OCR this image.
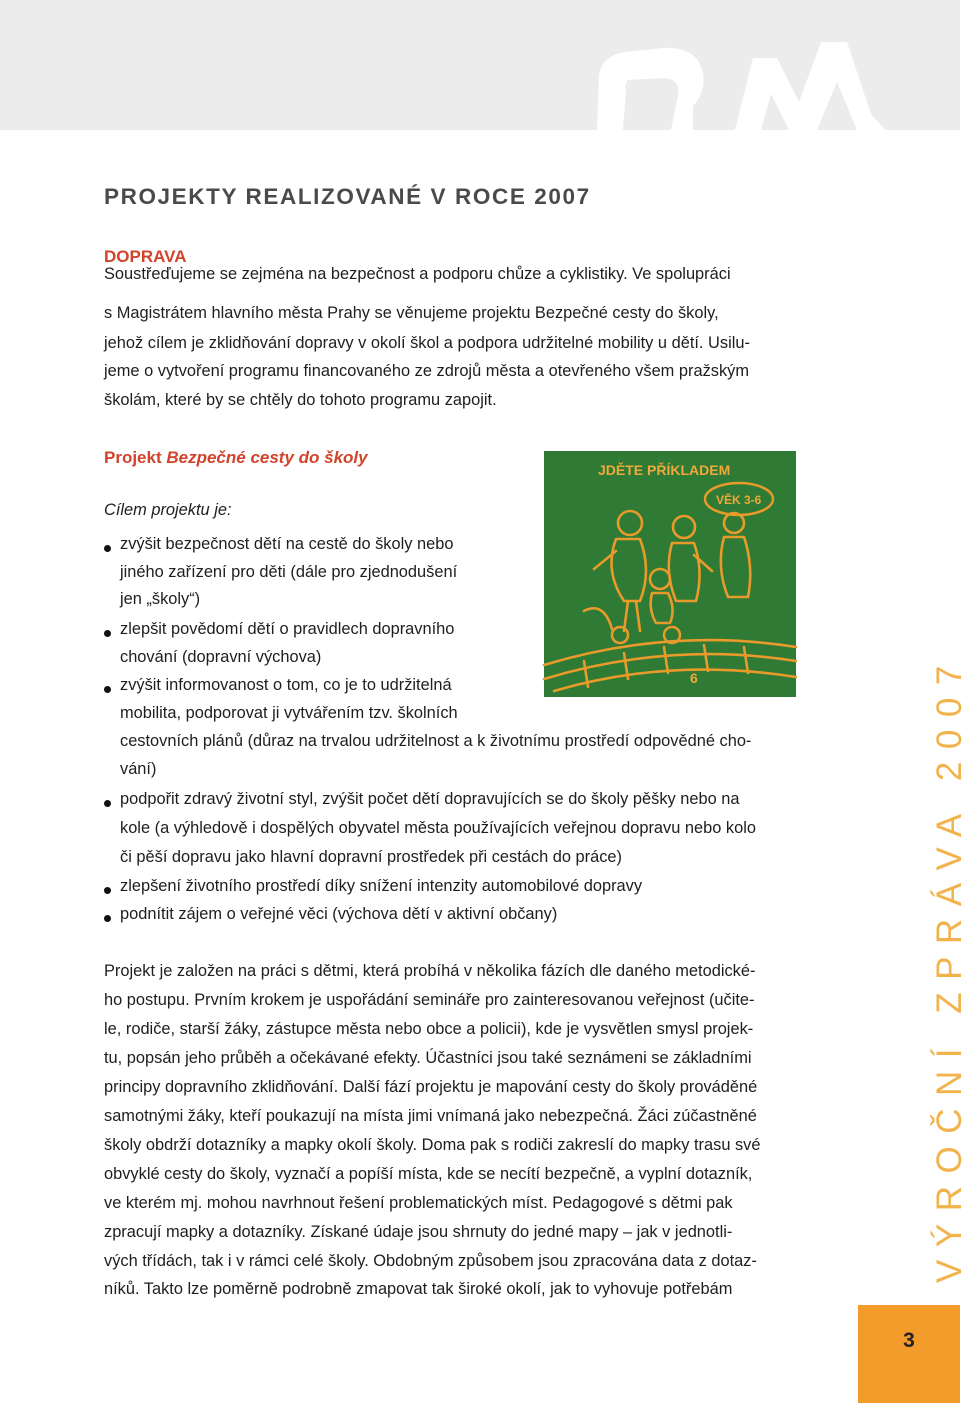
PROJEKTY REALIZOVANÉ V ROCE 2007
DOPRAVA
Soustřeďujeme se zejména na bezpečnost a podporu chůze a cyklistiky. Ve spolupráci
s Magistrátem hlavního města Prahy se věnujeme projektu Bezpečné cesty do školy,
jehož cílem je zklidňování dopravy v okolí škol a podpora udržitelné mobility u dětí. Usilu-
jeme o vytvoření programu financovaného ze zdrojů města a otevřeného všem pražským
školám, které by se chtěly do tohoto programu zapojit.
Projekt Bezpečné cesty do školy

Cílem projektu je:

JDĚTE PŘÍKLADEM
VĚK 3-6
6
zvýšit bezpečnost dětí na cestě do školy nebo
jiného zařízení pro děti (dále pro zjednodušení
jen „školy“)
zlepšit povědomí dětí o pravidlech dopravního
chování (dopravní výchova)
zvýšit informovanost o tom, co je to udržitelná
mobilita, podporovat ji vytvářením tzv. školních
cestovních plánů (důraz na trvalou udržitelnost a k životnímu prostředí odpovědné cho-
vání)
podpořit zdravý životní styl, zvýšit počet dětí dopravujících se do školy pěšky nebo na
kole (a výhledově i dospělých obyvatel města používajících veřejnou dopravu nebo kolo
či pěší dopravu jako hlavní dopravní prostředek při cestách do práce)
zlepšení životního prostředí díky snížení intenzity automobilové dopravy
podnítit zájem o veřejné věci (výchova dětí v aktivní občany)
Projekt je založen na práci s dětmi, která probíhá v několika fázích dle daného metodické-
ho postupu. Prvním krokem je uspořádání semináře pro zainteresovanou veřejnost (učite-
le, rodiče, starší žáky, zástupce města nebo obce a policii), kde je vysvětlen smysl projek-
tu, popsán jeho průběh a očekávané efekty. Účastníci jsou také seznámeni se základními
principy dopravního zklidňování. Další fází projektu je mapování cesty do školy prováděné
samotnými žáky, kteří poukazují na místa jimi vnímaná jako nebezpečná. Žáci zúčastněné
školy obdrží dotazníky a mapky okolí školy. Doma pak s rodiči zakreslí do mapky trasu své
obvyklé cesty do školy, vyznačí a popíší místa, kde se necítí bezpečně, a vyplní dotazník,
ve kterém mj. mohou navrhnout řešení problematických míst. Pedagogové s dětmi pak
zpracují mapky a dotazníky. Získané údaje jsou shrnuty do jedné mapy – jak v jednotli-
vých třídách, tak i v rámci celé školy. Obdobným způsobem jsou zpracována data z dotaz-
níků. Takto lze poměrně podrobně zmapovat tak široké okolí, jak to vyhovuje potřebám
VÝROČNÍ ZPRÁVA 2007
3
